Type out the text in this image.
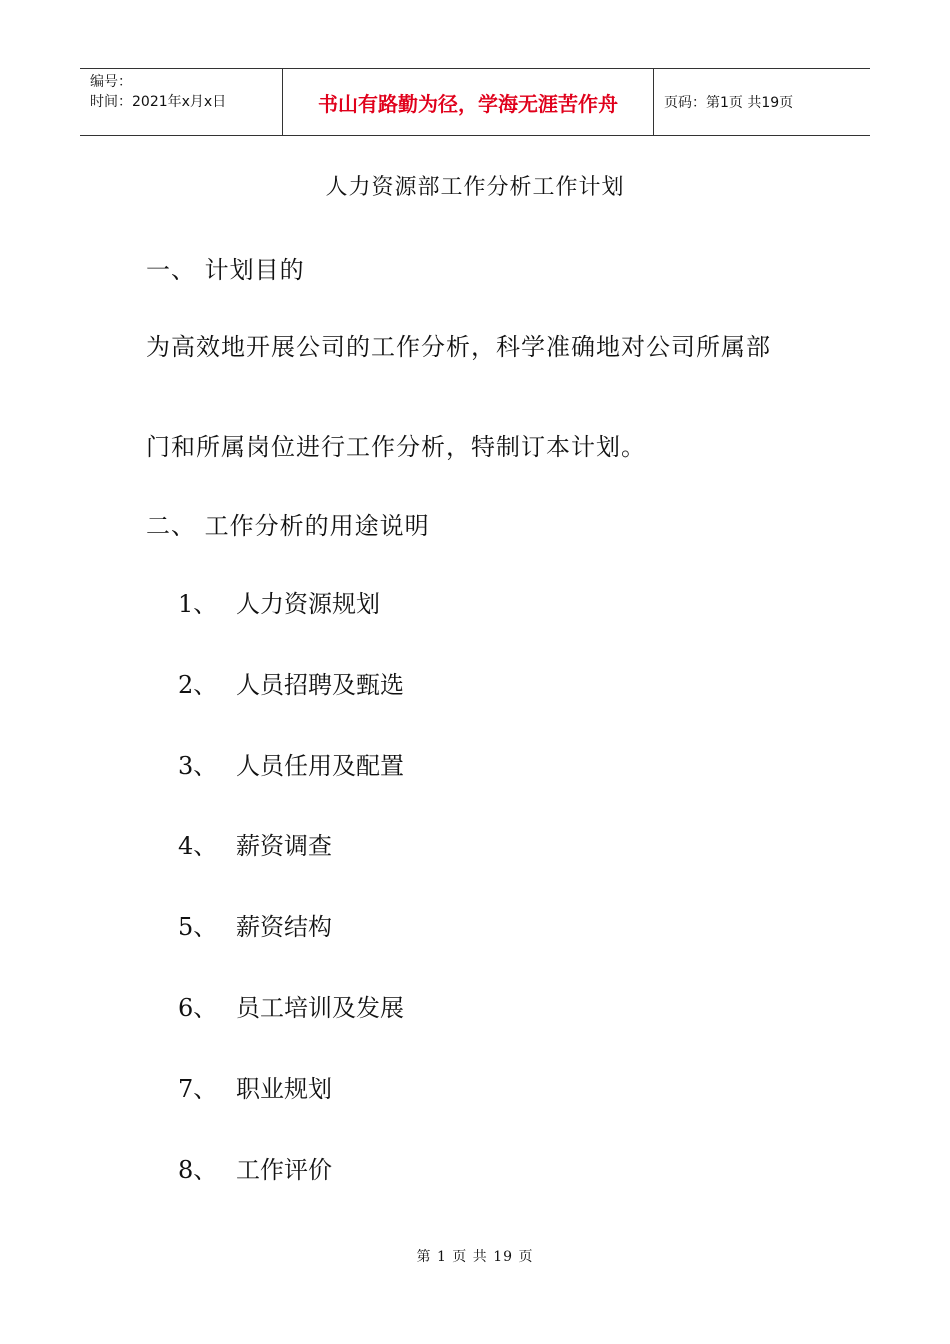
编号：
时间：2021年x月x日	书山有路勤为径，学海无涯苦作舟	页码：第1页 共19页
人力资源部工作分析工作计划
一、 计划目的
为高效地开展公司的工作分析，科学准确地对公司所属部
门和所属岗位进行工作分析，特制订本计划。
二、 工作分析的用途说明
1、 人力资源规划
2、 人员招聘及甄选
3、 人员任用及配置
4、 薪资调查
5、 薪资结构
6、 员工培训及发展
7、 职业规划
8、 工作评价
第 1 页 共 19 页
